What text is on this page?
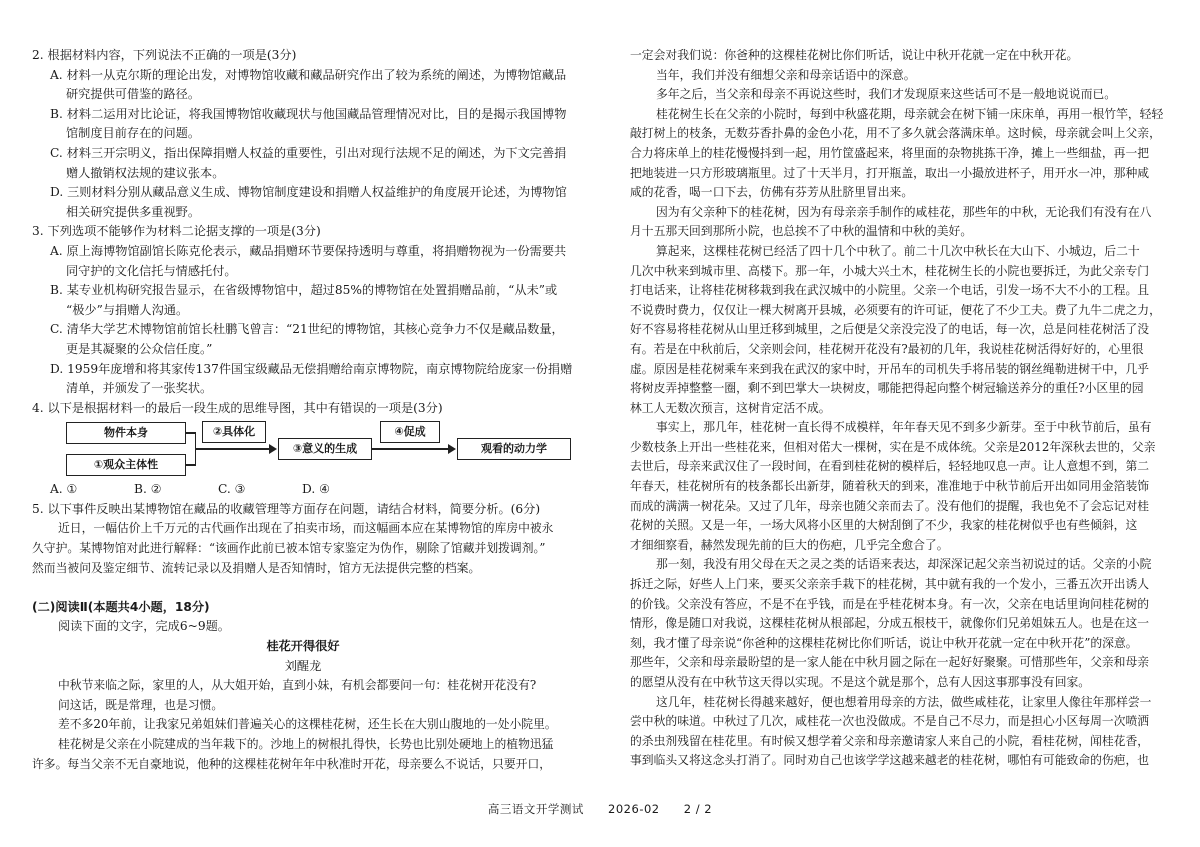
2. 根据材料内容，下列说法不正确的一项是(3分)
A. 材料一从克尔斯的理论出发，对博物馆收藏和藏品研究作出了较为系统的阐述，为博物馆藏品
研究提供可借鉴的路径。
B. 材料二运用对比论证，将我国博物馆收藏现状与他国藏品管理情况对比，目的是揭示我国博物
馆制度目前存在的问题。
C. 材料三开宗明义，指出保障捐赠人权益的重要性，引出对现行法规不足的阐述，为下文完善捐
赠人撤销权法规的建议张本。
D. 三则材料分别从藏品意义生成、博物馆制度建设和捐赠人权益维护的角度展开论述，为博物馆
相关研究提供多重视野。
3. 下列选项不能够作为材料二论据支撑的一项是(3分)
A. 原上海博物馆副馆长陈克伦表示，藏品捐赠环节要保持透明与尊重，将捐赠物视为一份需要共
同守护的文化信托与情感托付。
B. 某专业机构研究报告显示，在省级博物馆中，超过85%的博物馆在处置捐赠品前，“从未”或
“极少”与捐赠人沟通。
C. 清华大学艺术博物馆前馆长杜鹏飞曾言：“21世纪的博物馆，其核心竞争力不仅是藏品数量，
更是其凝聚的公众信任度。”
D. 1959年庞增和将其家传137件国宝级藏品无偿捐赠给南京博物院，南京博物院给庞家一份捐赠
清单，并颁发了一张奖状。
4. 以下是根据材料一的最后一段生成的思维导图，其中有错误的一项是(3分)
物件本身
①观众主体性
②具体化
③意义的生成
④促成
观看的动力学
A. ①	B. ②	C. ③	D. ④
5. 以下事件反映出某博物馆在藏品的收藏管理等方面存在问题，请结合材料，简要分析。(6分)
近日，一幅估价上千万元的古代画作出现在了拍卖市场，而这幅画本应在某博物馆的库房中被永
久守护。某博物馆对此进行解释：“该画作此前已被本馆专家鉴定为伪作，剔除了馆藏并划拨调剂。”
然而当被问及鉴定细节、流转记录以及捐赠人是否知情时，馆方无法提供完整的档案。
(二)阅读Ⅱ(本题共4小题，18分)
阅读下面的文字，完成6~9题。
桂花开得很好
刘醒龙
中秋节来临之际，家里的人，从大姐开始，直到小妹，有机会都要问一句：桂花树开花没有?
问这话，既是常理，也是习惯。
差不多20年前，让我家兄弟姐妹们普遍关心的这棵桂花树，还生长在大别山腹地的一处小院里。
桂花树是父亲在小院建成的当年栽下的。沙地上的树根扎得快，长势也比别处硬地上的植物迅猛
许多。每当父亲不无自豪地说，他种的这棵桂花树年年中秋准时开花，母亲要么不说话，只要开口，
一定会对我们说：你爸种的这棵桂花树比你们听话，说让中秋开花就一定在中秋开花。
当年，我们并没有细想父亲和母亲话语中的深意。
多年之后，当父亲和母亲不再说这些时，我们才发现原来这些话可不是一般地说说而已。
桂花树生长在父亲的小院时，每到中秋盛花期，母亲就会在树下铺一床床单，再用一根竹竿，轻轻
敲打树上的枝条，无数芬香扑鼻的金色小花，用不了多久就会落满床单。这时候，母亲就会叫上父亲，
合力将床单上的桂花慢慢抖到一起，用竹筐盛起来，将里面的杂物挑拣干净，摊上一些细盐，再一把
把地装进一只方形玻璃瓶里。过了十天半月，打开瓶盖，取出一小撮放进杯子，用开水一冲，那种咸
咸的花香，喝一口下去，仿佛有芬芳从肚脐里冒出来。
因为有父亲种下的桂花树，因为有母亲亲手制作的咸桂花，那些年的中秋，无论我们有没有在八
月十五那天回到那所小院，也总挨不了中秋的温情和中秋的美好。
算起来，这棵桂花树已经活了四十几个中秋了。前二十几次中秋长在大山下、小城边，后二十
几次中秋来到城市里、高楼下。那一年，小城大兴土木，桂花树生长的小院也要拆迁，为此父亲专门
打电话来，让将桂花树移栽到我在武汉城中的小院里。父亲一个电话，引发一场不大不小的工程。且
不说费时费力，仅仅让一棵大树离开县城，必须要有的许可证，便花了不少工夫。费了九牛二虎之力，
好不容易将桂花树从山里迁移到城里，之后便是父亲没完没了的电话，每一次，总是问桂花树活了没
有。若是在中秋前后，父亲则会问，桂花树开花没有?最初的几年，我说桂花树活得好好的，心里很
虚。原因是桂花树乘车来到我在武汉的家中时，开吊车的司机失手将吊装的钢丝绳勒进树干中，几乎
将树皮弄掉整整一圈，剩不到巴掌大一块树皮，哪能把得起向整个树冠输送养分的重任?小区里的园
林工人无数次预言，这树肯定活不成。
事实上，那几年，桂花树一直长得不成模样，年年春天见不到多少新芽。至于中秋节前后，虽有
少数枝条上开出一些桂花来，但相对偌大一棵树，实在是不成体统。父亲是2012年深秋去世的，父亲
去世后，母亲来武汉住了一段时间，在看到桂花树的模样后，轻轻地叹息一声。让人意想不到，第二
年春天，桂花树所有的枝条都长出新芽，随着秋天的到来，准准地于中秋节前后开出如同用金箔装饰
而成的满满一树花朵。又过了几年，母亲也随父亲而去了。没有他们的提醒，我也免不了会忘记对桂
花树的关照。又是一年，一场大风将小区里的大树刮倒了不少，我家的桂花树似乎也有些倾斜，这
才细细察看，赫然发现先前的巨大的伤疤，几乎完全愈合了。
那一刻，我没有用父母在天之灵之类的话语来表达，却深深记起父亲当初说过的话。父亲的小院
拆迁之际，好些人上门来，要买父亲亲手栽下的桂花树，其中就有我的一个发小，三番五次开出诱人
的价钱。父亲没有答应，不是不在乎钱，而是在乎桂花树本身。有一次，父亲在电话里询问桂花树的
情形，像是随口对我说，这棵桂花树从根部起，分成五根枝干，就像你们兄弟姐妹五人。也是在这一
刻，我才懂了母亲说“你爸种的这棵桂花树比你们听话，说让中秋开花就一定在中秋开花”的深意。
那些年，父亲和母亲最盼望的是一家人能在中秋月圆之际在一起好好聚聚。可惜那些年，父亲和母亲
的愿望从没有在中秋节这天得以实现。不是这个就是那个，总有人因这事那事没有回家。
这几年，桂花树长得越来越好，便也想着用母亲的方法，做些咸桂花，让家里人像往年那样尝一
尝中秋的味道。中秋过了几次，咸桂花一次也没做成。不是自己不尽力，而是担心小区每周一次喷洒
的杀虫剂残留在桂花里。有时候又想学着父亲和母亲邀请家人来自己的小院，看桂花树，闻桂花香，
事到临头又将这念头打消了。同时劝自己也该学学这越来越老的桂花树，哪怕有可能致命的伤疤，也
高三语文开学测试 2026-02 2 / 2
